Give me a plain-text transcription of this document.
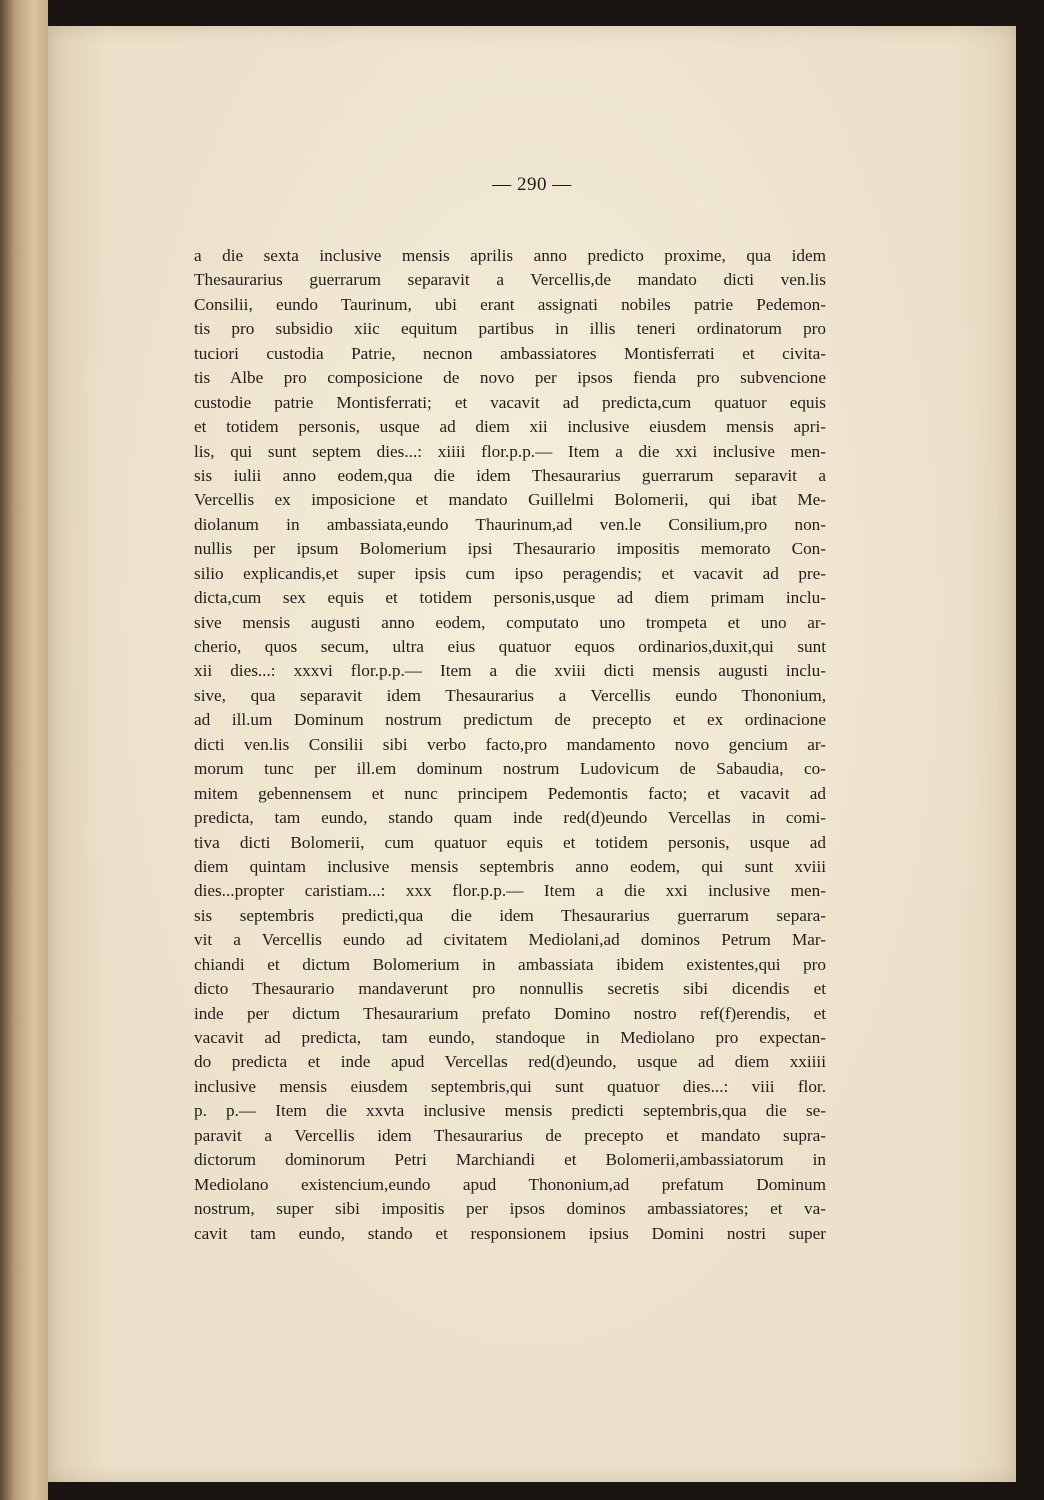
— 290 —
a die sexta inclusive mensis aprilis anno predicto proxime, qua idem
Thesaurarius guerrarum separavit a Vercellis,de mandato dicti ven.lis
Consilii, eundo Taurinum, ubi erant assignati nobiles patrie Pedemon-
tis pro subsidio xiic equitum partibus in illis teneri ordinatorum pro
tuciori custodia Patrie, necnon ambassiatores Montisferrati et civita-
tis Albe pro composicione de novo per ipsos fienda pro subvencione
custodie patrie Montisferrati; et vacavit ad predicta,cum quatuor equis
et totidem personis, usque ad diem xii inclusive eiusdem mensis apri-
lis, qui sunt septem dies...: xiiii flor.p.p.— Item a die xxi inclusive men-
sis iulii anno eodem,qua die idem Thesaurarius guerrarum separavit a
Vercellis ex imposicione et mandato Guillelmi Bolomerii, qui ibat Me-
diolanum in ambassiata,eundo Thaurinum,ad ven.le Consilium,pro non-
nullis per ipsum Bolomerium ipsi Thesaurario impositis memorato Con-
silio explicandis,et super ipsis cum ipso peragendis; et vacavit ad pre-
dicta,cum sex equis et totidem personis,usque ad diem primam inclu-
sive mensis augusti anno eodem, computato uno trompeta et uno ar-
cherio, quos secum, ultra eius quatuor equos ordinarios,duxit,qui sunt
xii dies...: xxxvi flor.p.p.— Item a die xviii dicti mensis augusti inclu-
sive, qua separavit idem Thesaurarius a Vercellis eundo Thononium,
ad ill.um Dominum nostrum predictum de precepto et ex ordinacione
dicti ven.lis Consilii sibi verbo facto,pro mandamento novo gencium ar-
morum tunc per ill.em dominum nostrum Ludovicum de Sabaudia, co-
mitem gebennensem et nunc principem Pedemontis facto; et vacavit ad
predicta, tam eundo, stando quam inde red(d)eundo Vercellas in comi-
tiva dicti Bolomerii, cum quatuor equis et totidem personis, usque ad
diem quintam inclusive mensis septembris anno eodem, qui sunt xviii
dies...propter caristiam...: xxx flor.p.p.— Item a die xxi inclusive men-
sis septembris predicti,qua die idem Thesaurarius guerrarum separa-
vit a Vercellis eundo ad civitatem Mediolani,ad dominos Petrum Mar-
chiandi et dictum Bolomerium in ambassiata ibidem existentes,qui pro
dicto Thesaurario mandaverunt pro nonnullis secretis sibi dicendis et
inde per dictum Thesaurarium prefato Domino nostro ref(f)erendis, et
vacavit ad predicta, tam eundo, standoque in Mediolano pro expectan-
do predicta et inde apud Vercellas red(d)eundo, usque ad diem xxiiii
inclusive mensis eiusdem septembris,qui sunt quatuor dies...: viii flor.
p. p.— Item die xxvta inclusive mensis predicti septembris,qua die se-
paravit a Vercellis idem Thesaurarius de precepto et mandato supra-
dictorum dominorum Petri Marchiandi et Bolomerii,ambassiatorum in
Mediolano existencium,eundo apud Thononium,ad prefatum Dominum
nostrum, super sibi impositis per ipsos dominos ambassiatores; et va-
cavit tam eundo, stando et responsionem ipsius Domini nostri super
